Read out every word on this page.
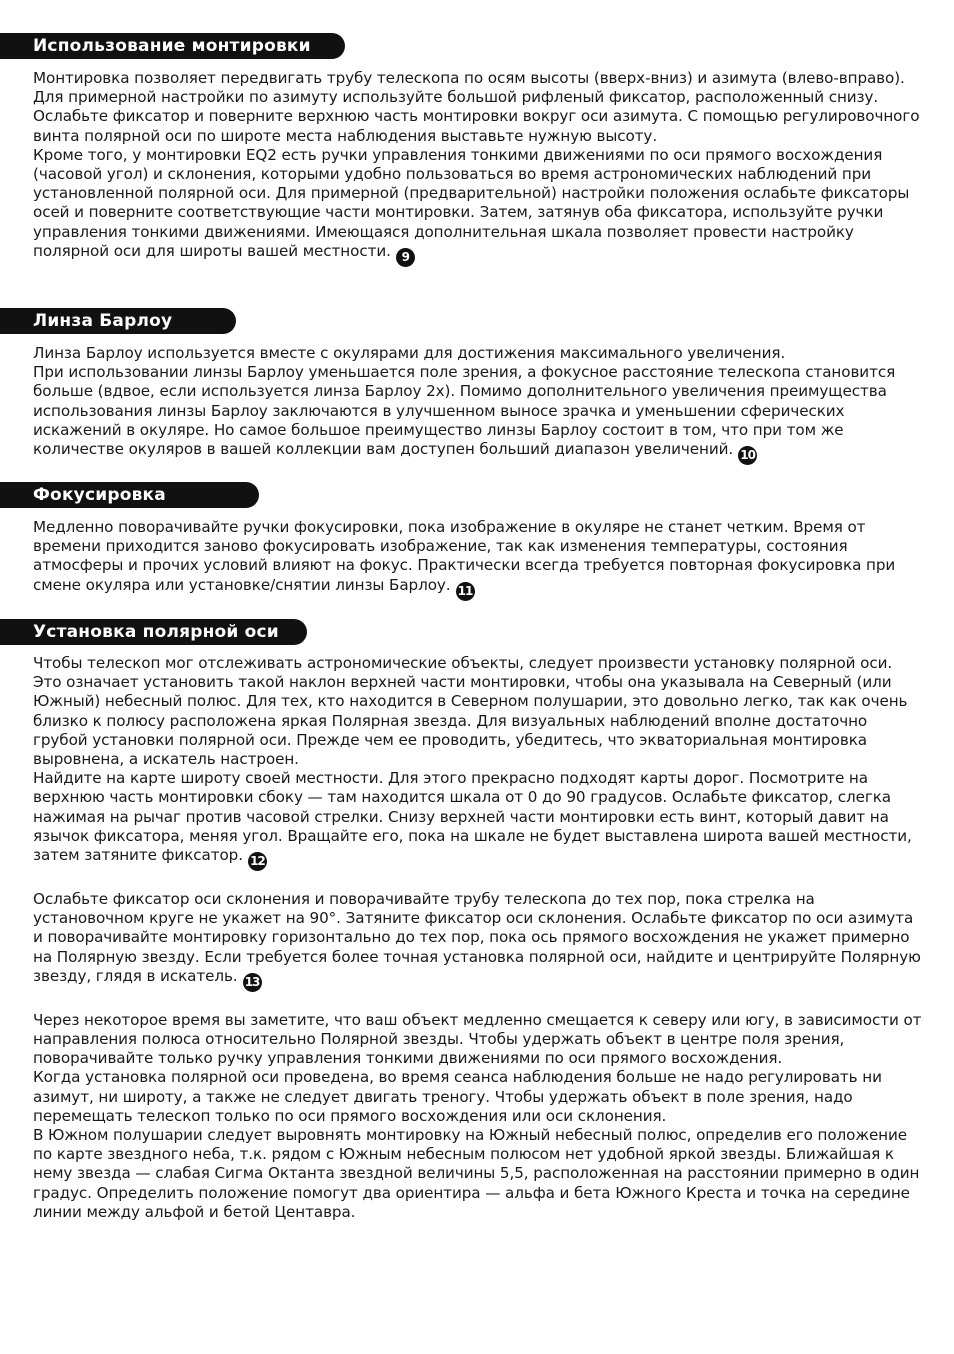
Использование монтировки

Монтировка позволяет передвигать трубу телескопа по осям высоты (вверх-вниз) и азимута (влево-вправо). Для примерной настройки по азимуту используйте большой рифленый фиксатор, расположенный снизу. Ослабьте фиксатор и поверните верхнюю часть монтировки вокруг оси азимута. С помощью регулировочного винта полярной оси по широте места наблюдения выставьте нужную высоту.

Кроме того, у монтировки EQ2 есть ручки управления тонкими движениями по оси прямого восхождения (часовой угол) и склонения, которыми удобно пользоваться во время астрономических наблюдений при установленной полярной оси. Для примерной (предварительной) настройки положения ослабьте фиксаторы осей и поверните соответствующие части монтировки. Затем, затянув оба фиксатора, используйте ручки управления тонкими движениями. Имеющаяся дополнительная шкала позволяет провести настройку полярной оси для широты вашей местности. 9

Линза Барлоу

Линза Барлоу используется вместе с окулярами для достижения максимального увеличения.

При использовании линзы Барлоу уменьшается поле зрения, а фокусное расстояние телескопа становится больше (вдвое, если используется линза Барлоу 2х). Помимо дополнительного увеличения преимущества использования линзы Барлоу заключаются в улучшенном выносе зрачка и уменьшении сферических искажений в окуляре. Но самое большое преимущество линзы Барлоу состоит в том, что при том же количестве окуляров в вашей коллекции вам доступен больший диапазон увеличений. 10

Фокусировка

Медленно поворачивайте ручки фокусировки, пока изображение в окуляре не станет четким. Время от времени приходится заново фокусировать изображение, так как изменения температуры, состояния атмосферы и прочих условий влияют на фокус. Практически всегда требуется повторная фокусировка при смене окуляра или установке/снятии линзы Барлоу. 11

Установка полярной оси

Чтобы телескоп мог отслеживать астрономические объекты, следует произвести установку полярной оси. Это означает установить такой наклон верхней части монтировки, чтобы она указывала на Северный (или Южный) небесный полюс. Для тех, кто находится в Северном полушарии, это довольно легко, так как очень близко к полюсу расположена яркая Полярная звезда. Для визуальных наблюдений вполне достаточно грубой установки полярной оси. Прежде чем ее проводить, убедитесь, что экваториальная монтировка выровнена, а искатель настроен.

Найдите на карте широту своей местности. Для этого прекрасно подходят карты дорог. Посмотрите на верхнюю часть монтировки сбоку — там находится шкала от 0 до 90 градусов. Ослабьте фиксатор, слегка нажимая на рычаг против часовой стрелки. Снизу верхней части монтировки есть винт, который давит на язычок фиксатора, меняя угол. Вращайте его, пока на шкале не будет выставлена широта вашей местности, затем затяните фиксатор. 12

Ослабьте фиксатор оси склонения и поворачивайте трубу телескопа до тех пор, пока стрелка на установочном круге не укажет на 90°. Затяните фиксатор оси склонения. Ослабьте фиксатор по оси азимута и поворачивайте монтировку горизонтально до тех пор, пока ось прямого восхождения не укажет примерно на Полярную звезду. Если требуется более точная установка полярной оси, найдите и центрируйте Полярную звезду, глядя в искатель. 13

Через некоторое время вы заметите, что ваш объект медленно смещается к северу или югу, в зависимости от направления полюса относительно Полярной звезды. Чтобы удержать объект в центре поля зрения, поворачивайте только ручку управления тонкими движениями по оси прямого восхождения.

Когда установка полярной оси проведена, во время сеанса наблюдения больше не надо регулировать ни азимут, ни широту, а также не следует двигать треногу. Чтобы удержать объект в поле зрения, надо перемещать телескоп только по оси прямого восхождения или оси склонения.

В Южном полушарии следует выровнять монтировку на Южный небесный полюс, определив его положение по карте звездного неба, т.к. рядом с Южным небесным полюсом нет удобной яркой звезды. Ближайшая к нему звезда — слабая Сигма Октанта звездной величины 5,5, расположенная на расстоянии примерно в один градус. Определить положение помогут два ориентира — альфа и бета Южного Креста и точка на середине линии между альфой и бетой Центавра.
